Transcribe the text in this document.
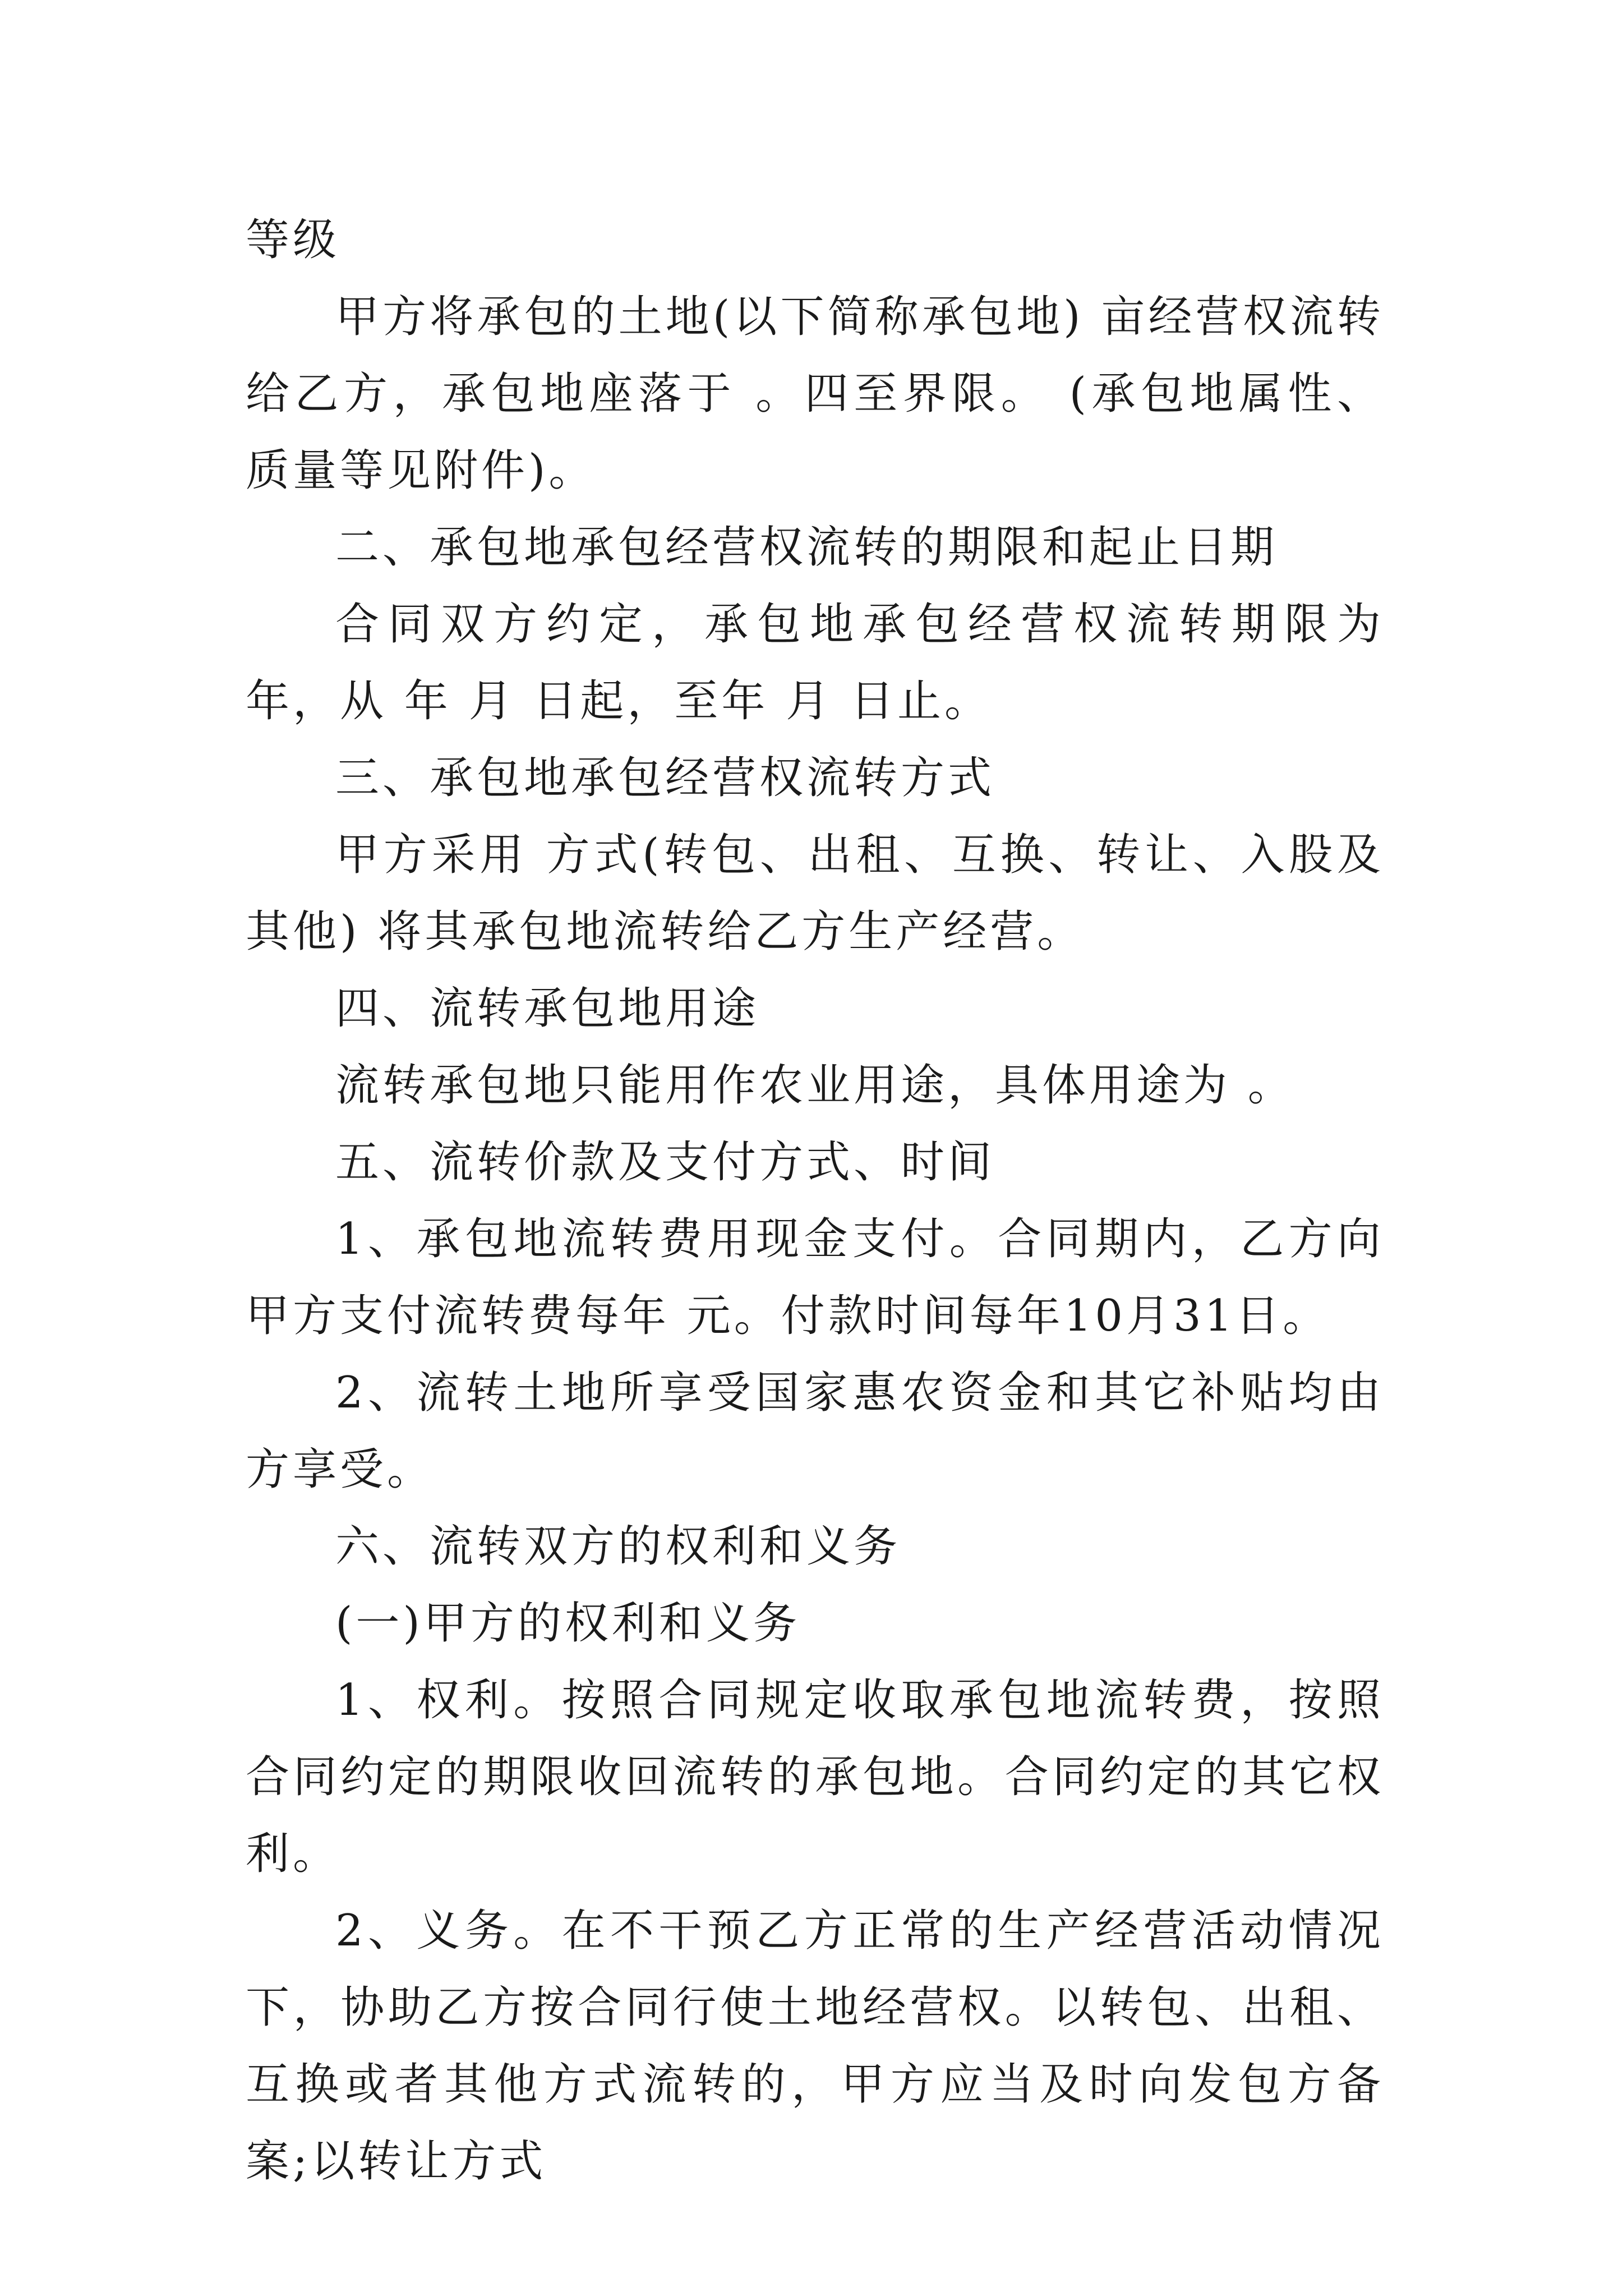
等级

甲方将承包的土地(以下简称承包地) 亩经营权流转给乙方，承包地座落于 。四至界限。 (承包地属性、质量等见附件)。

二、承包地承包经营权流转的期限和起止日期

合同双方约定，承包地承包经营权流转期限为 年，从 年 月 日起，至年 月 日止。

三、承包地承包经营权流转方式

甲方采用 方式(转包、出租、互换、转让、入股及其他) 将其承包地流转给乙方生产经营。

四、流转承包地用途

流转承包地只能用作农业用途，具体用途为 。

五、流转价款及支付方式、时间

1、承包地流转费用现金支付。合同期内，乙方向甲方支付流转费每年 元。付款时间每年10月31日。

2、流转土地所享受国家惠农资金和其它补贴均由 方享受。

六、流转双方的权利和义务

(一)甲方的权利和义务

1、权利。按照合同规定收取承包地流转费，按照合同约定的期限收回流转的承包地。合同约定的其它权利。

2、义务。在不干预乙方正常的生产经营活动情况下，协助乙方按合同行使土地经营权。以转包、出租、互换或者其他方式流转的，甲方应当及时向发包方备案;以转让方式
